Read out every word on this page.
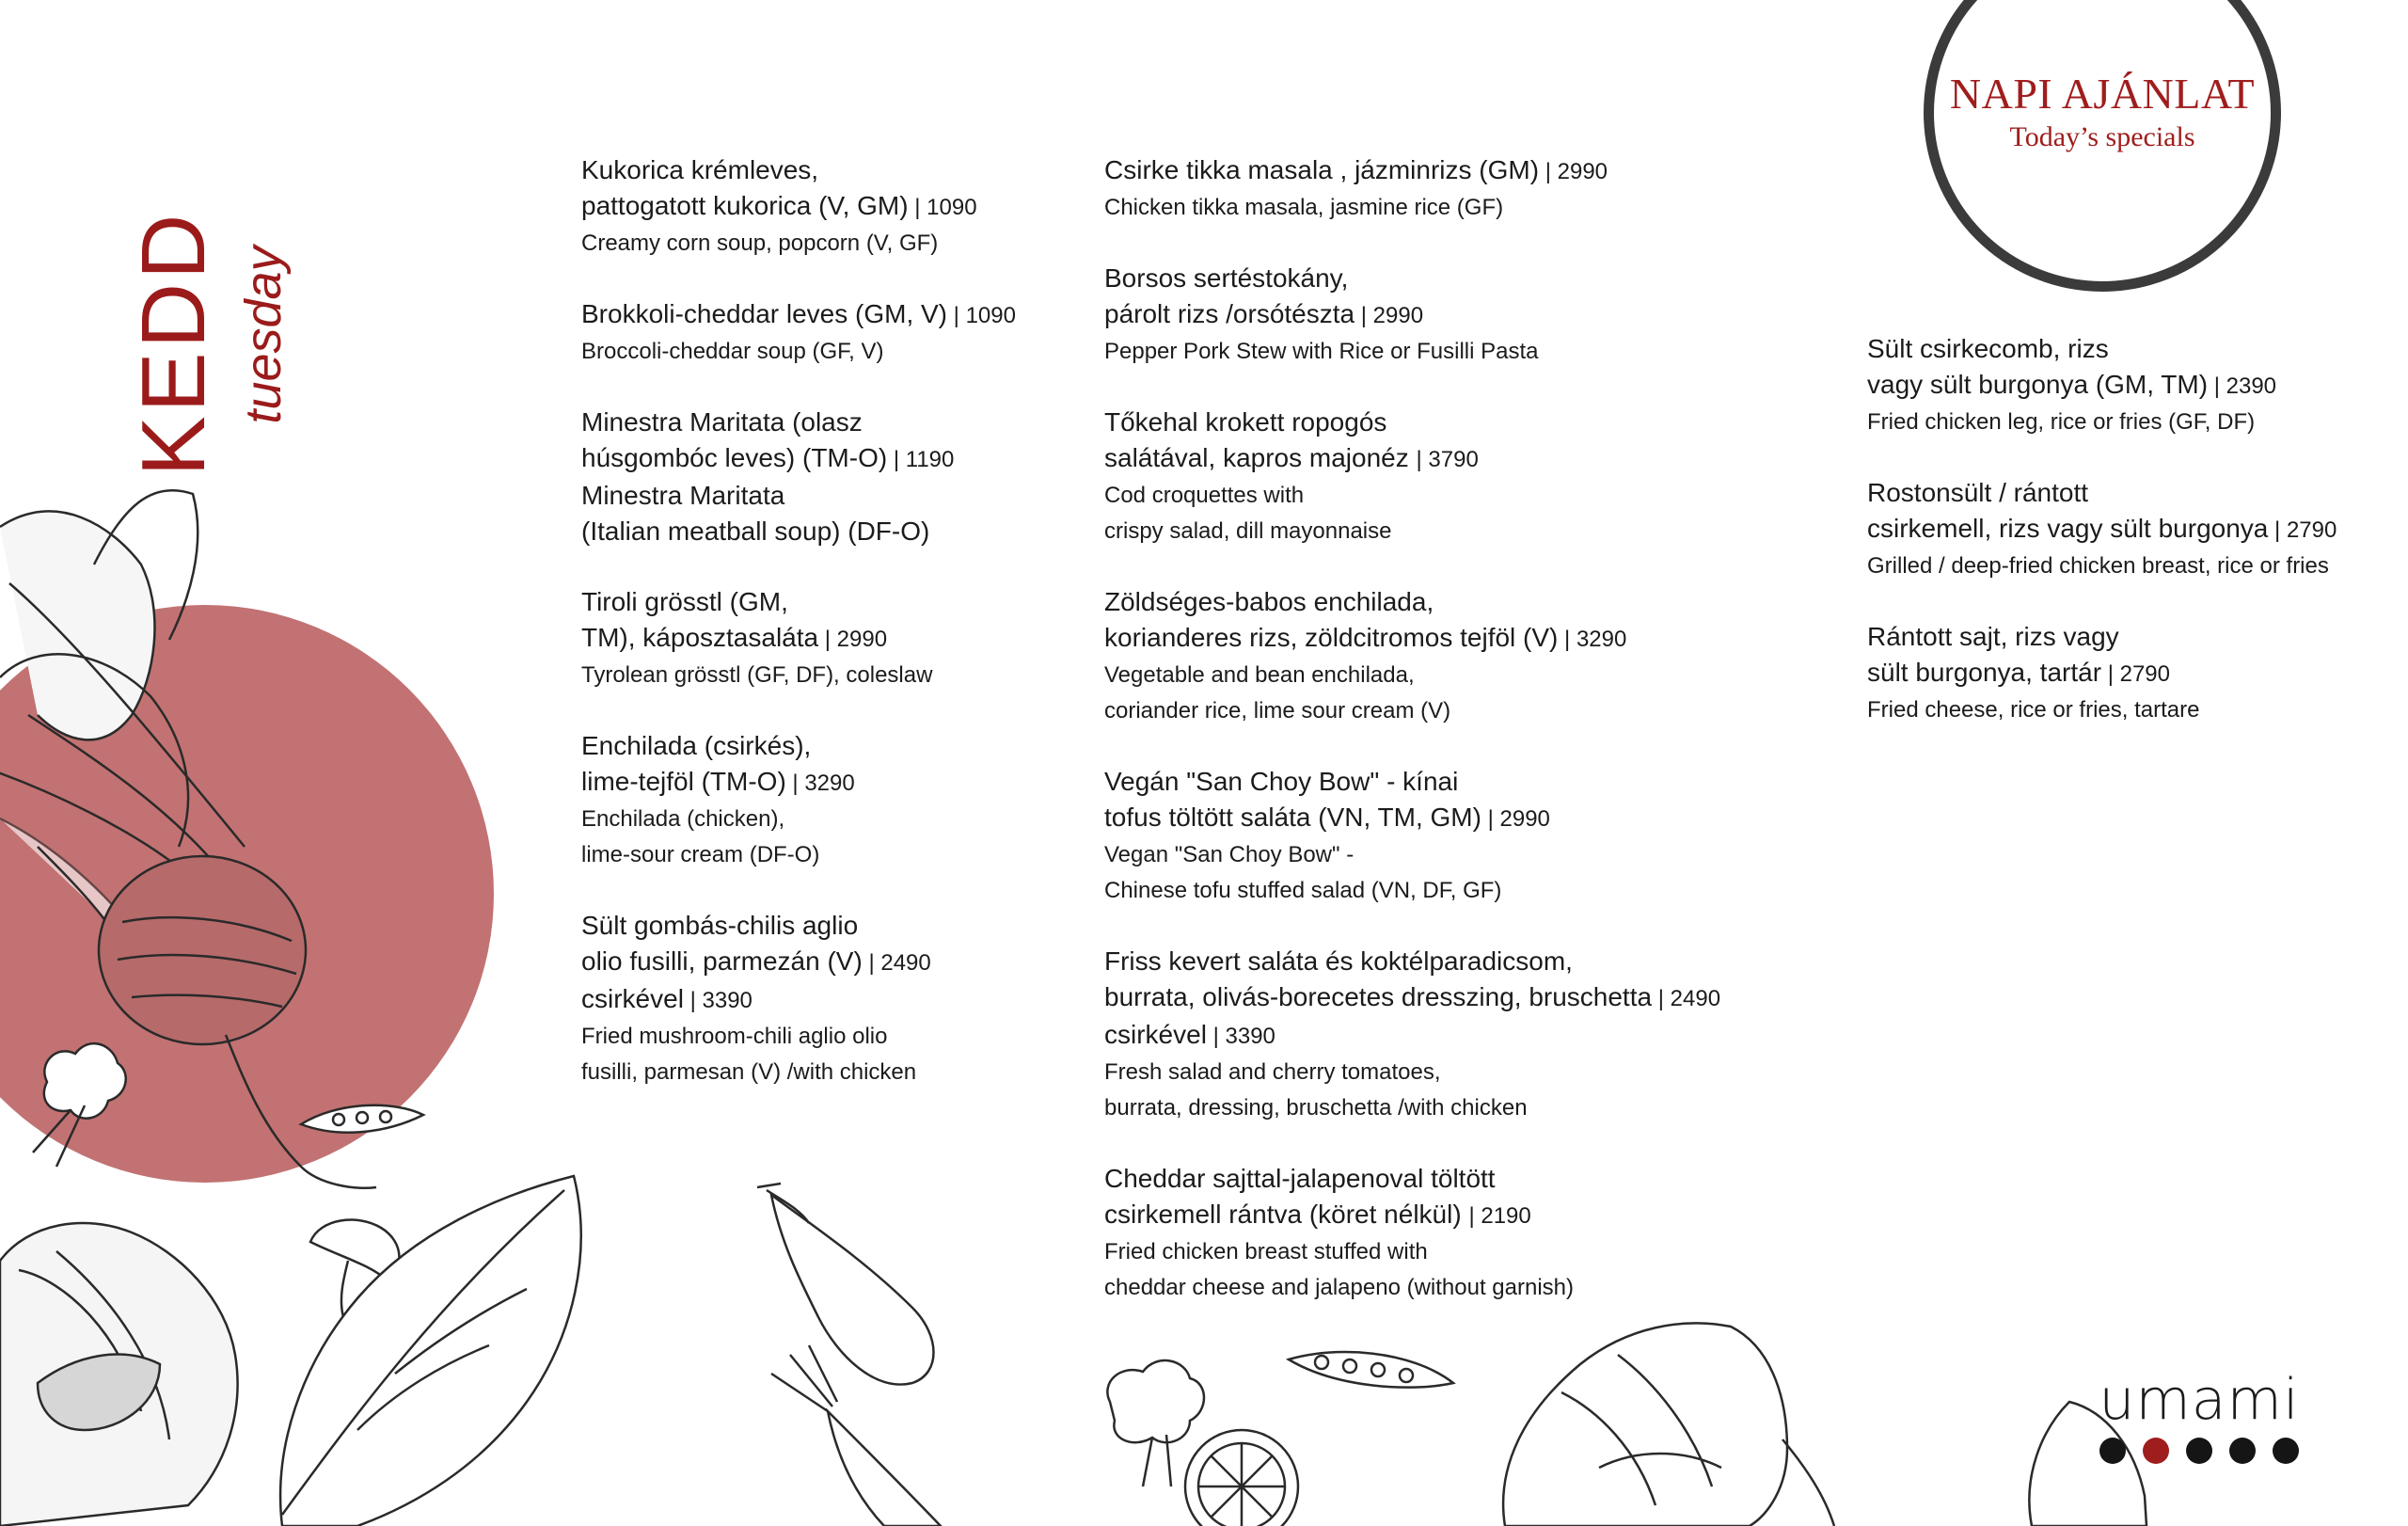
KEDD tuesday
NAPI AJÁNLAT
Today’s specials
Kukorica krémleves,
pattogatott kukorica (V, GM) | 1090
Creamy corn soup, popcorn (V, GF)
Brokkoli-cheddar leves (GM, V) | 1090
Broccoli-cheddar soup (GF, V)
Minestra Maritata (olasz
húsgombóc leves) (TM-O) | 1190
Minestra Maritata
(Italian meatball soup) (DF-O)
Tiroli grösstl (GM,
TM), káposztasaláta | 2990
Tyrolean grösstl (GF, DF), coleslaw
Enchilada (csirkés),
lime-tejföl (TM-O) | 3290
Enchilada (chicken),
lime-sour cream (DF-O)
Sült gombás-chilis aglio
olio fusilli, parmezán (V) | 2490
csirkével | 3390
Fried mushroom-chili aglio olio
fusilli, parmesan (V) /with chicken
Csirke tikka masala , jázminrizs (GM) | 2990
Chicken tikka masala, jasmine rice (GF)
Borsos sertéstokány,
párolt rizs /orsótészta | 2990
Pepper Pork Stew with Rice or Fusilli Pasta
Tőkehal krokett ropogós
salátával, kapros majonéz | 3790
Cod croquettes with
crispy salad, dill mayonnaise
Zöldséges-babos enchilada,
korianderes rizs, zöldcitromos tejföl (V) | 3290
Vegetable and bean enchilada,
coriander rice, lime sour cream (V)
Vegán "San Choy Bow" - kínai
tofus töltött saláta (VN, TM, GM) | 2990
Vegan "San Choy Bow" -
Chinese tofu stuffed salad (VN, DF, GF)
Friss kevert saláta és koktélparadicsom,
burrata, olivás-borecetes dresszing, bruschetta | 2490
csirkével | 3390
Fresh salad and cherry tomatoes,
burrata, dressing, bruschetta /with chicken
Cheddar sajttal-jalapenoval töltött
csirkemell rántva (köret nélkül) | 2190
Fried chicken breast stuffed with
cheddar cheese and jalapeno (without garnish)
Sült csirkecomb, rizs
vagy sült burgonya (GM, TM) | 2390
Fried chicken leg, rice or fries (GF, DF)
Rostonsült / rántott
csirkemell, rizs vagy sült burgonya | 2790
Grilled / deep-fried chicken breast, rice or fries
Rántott sajt, rizs vagy
sült burgonya, tartár | 2790
Fried cheese, rice or fries, tartare
umami
